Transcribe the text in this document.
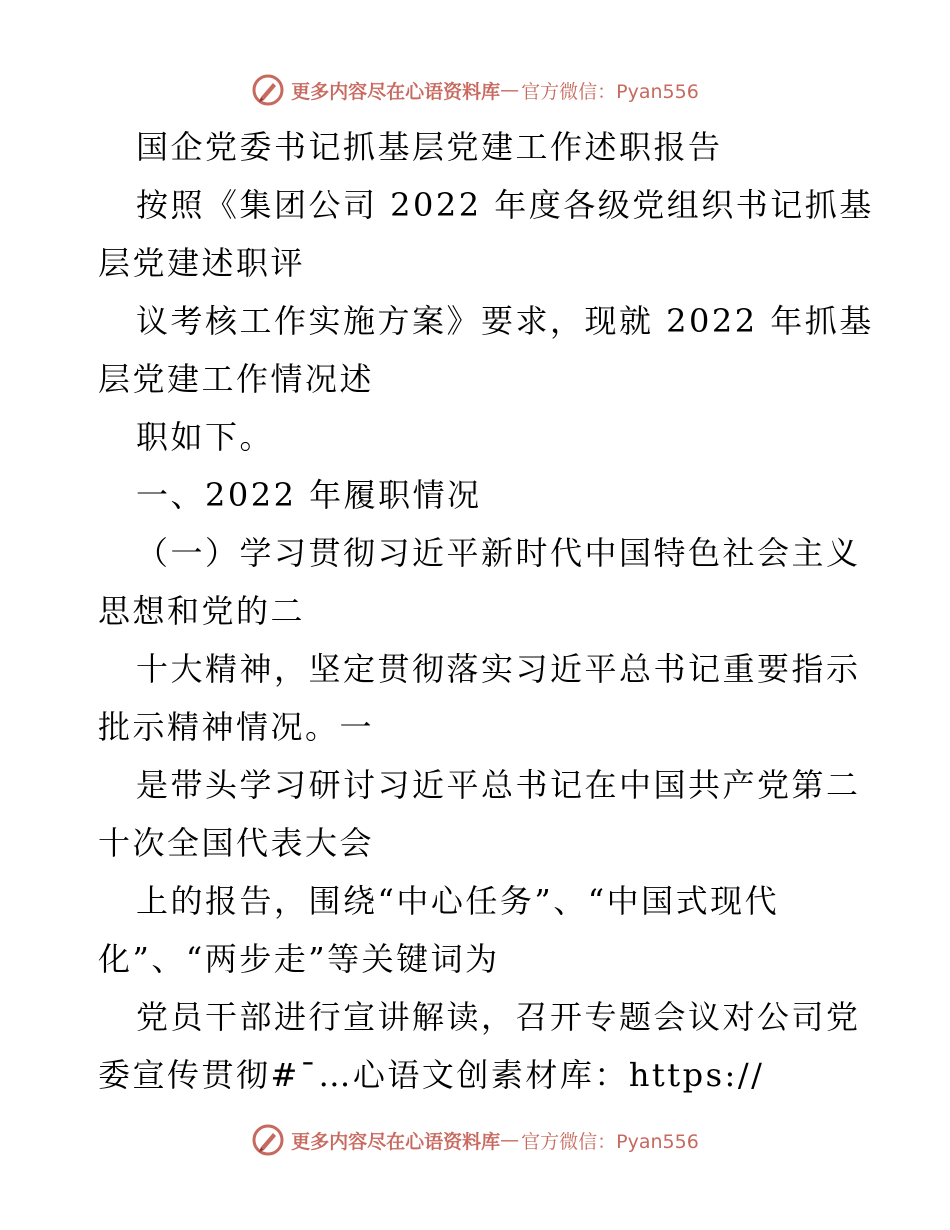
更多内容尽在心语资料库 — 官方微信：Pyan556
国企党委书记抓基层党建工作述职报告
按照《集团公司 2022 年度各级党组织书记抓基
层党建述职评
议考核工作实施方案》要求，现就 2022 年抓基
层党建工作情况述
职如下。
一、2022 年履职情况
（一）学习贯彻习近平新时代中国特色社会主义
思想和党的二
十大精神，坚定贯彻落实习近平总书记重要指示
批示精神情况。一
是带头学习研讨习近平总书记在中国共产党第二
十次全国代表大会
上的报告，围绕“中心任务”、“中国式现代
化”、“两步走”等关键词为
党员干部进行宣讲解读，召开专题会议对公司党
委宣传贯彻#¯…心语文创素材库：https://
更多内容尽在心语资料库 — 官方微信：Pyan556
